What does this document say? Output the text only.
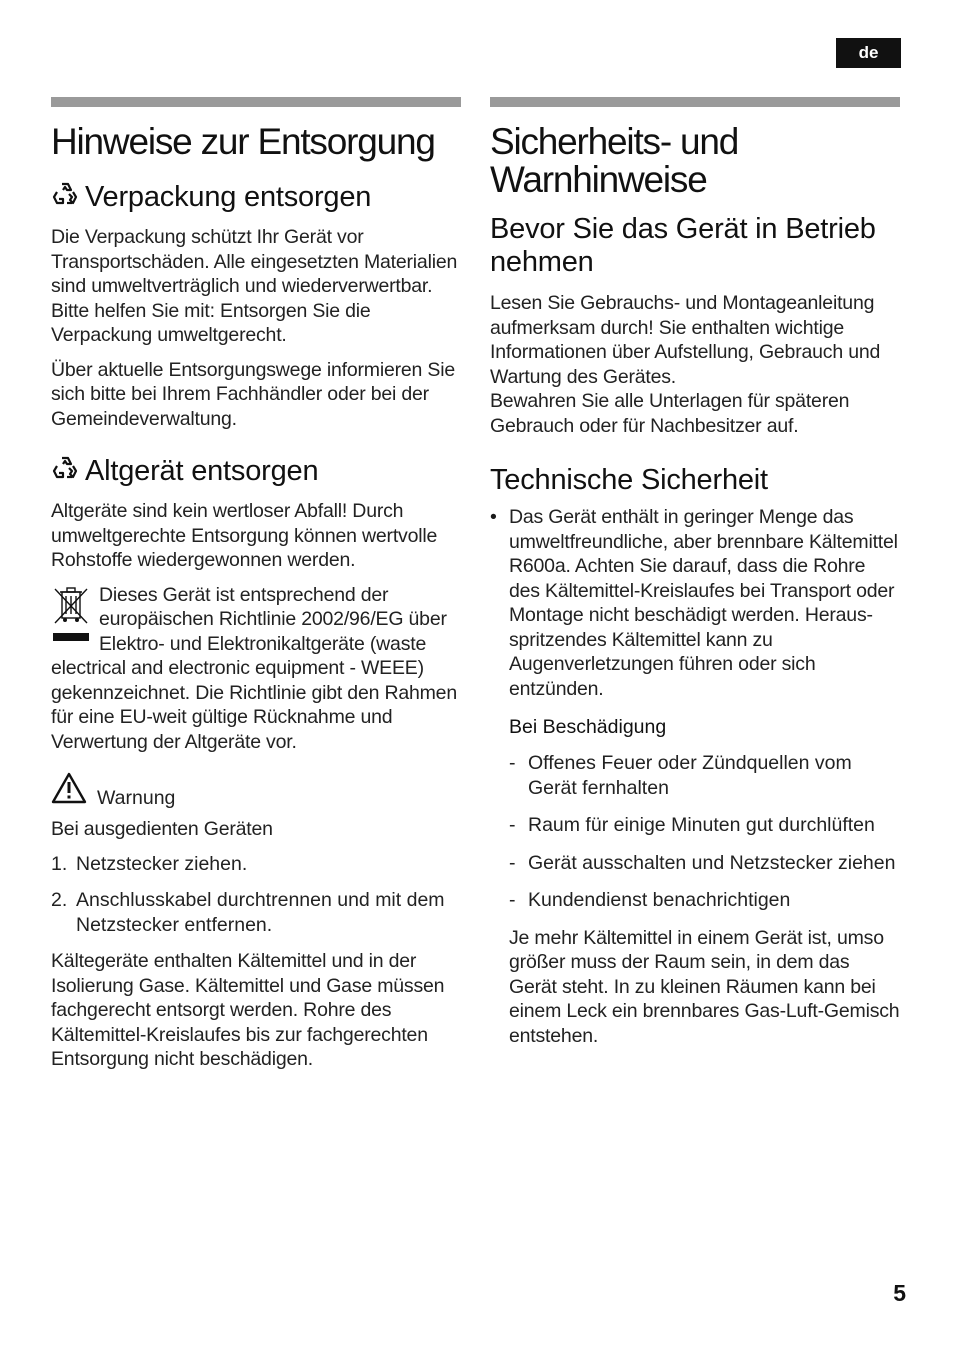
de
Hinweise zur Entsorgung
Verpackung entsorgen

Die Verpackung schützt Ihr Gerät vor Transportschäden. Alle eingesetzten Materialien sind umweltverträglich und wiederverwertbar. Bitte helfen Sie mit: Entsorgen Sie die Verpackung umweltgerecht.

Über aktuelle Entsorgungswege informieren Sie sich bitte bei Ihrem Fachhändler oder bei der Gemeindeverwaltung.

Altgerät entsorgen

Altgeräte sind kein wertloser Abfall! Durch umweltgerechte Entsorgung können wertvolle Rohstoffe wiedergewonnen werden.

Dieses Gerät ist entsprechend der europäischen Richtlinie 2002/96/EG über Elektro- und Elektronikaltgeräte (waste electrical and electronic equipment - WEEE) gekennzeichnet. Die Richtlinie gibt den Rahmen für eine EU-weit gültige Rücknahme und Verwertung der Altgeräte vor.

Warnung

Bei ausgedienten Geräten

1. Netzstecker ziehen.
2. Anschlusskabel durchtrennen und mit dem Netzstecker entfernen.

Kältegeräte enthalten Kältemittel und in der Isolierung Gase. Kältemittel und Gase müssen fachgerecht entsorgt werden. Rohre des Kältemittel-Kreislaufes bis zur fachgerechten Entsorgung nicht beschädigen.

Sicherheits- und Warnhinweise
Bevor Sie das Gerät in Betrieb nehmen

Lesen Sie Gebrauchs- und Montageanleitung aufmerksam durch! Sie enthalten wichtige Informationen über Aufstellung, Gebrauch und Wartung des Gerätes.

Bewahren Sie alle Unterlagen für späteren Gebrauch oder für Nachbesitzer auf.

Technische Sicherheit
• Das Gerät enthält in geringer Menge das umweltfreundliche, aber brennbare Kältemittel R600a. Achten Sie darauf, dass die Rohre des Kältemittel-Kreislaufes bei Transport oder Montage nicht beschädigt werden. Herausspritzendes Kältemittel kann zu Augenverletzungen führen oder sich entzünden.

Bei Beschädigung
- Offenes Feuer oder Zündquellen vom Gerät fernhalten
- Raum für einige Minuten gut durchlüften
- Gerät ausschalten und Netzstecker ziehen
- Kundendienst benachrichtigen

Je mehr Kältemittel in einem Gerät ist, umso größer muss der Raum sein, in dem das Gerät steht. In zu kleinen Räumen kann bei einem Leck ein brennbares Gas-Luft-Gemisch entstehen.

5
